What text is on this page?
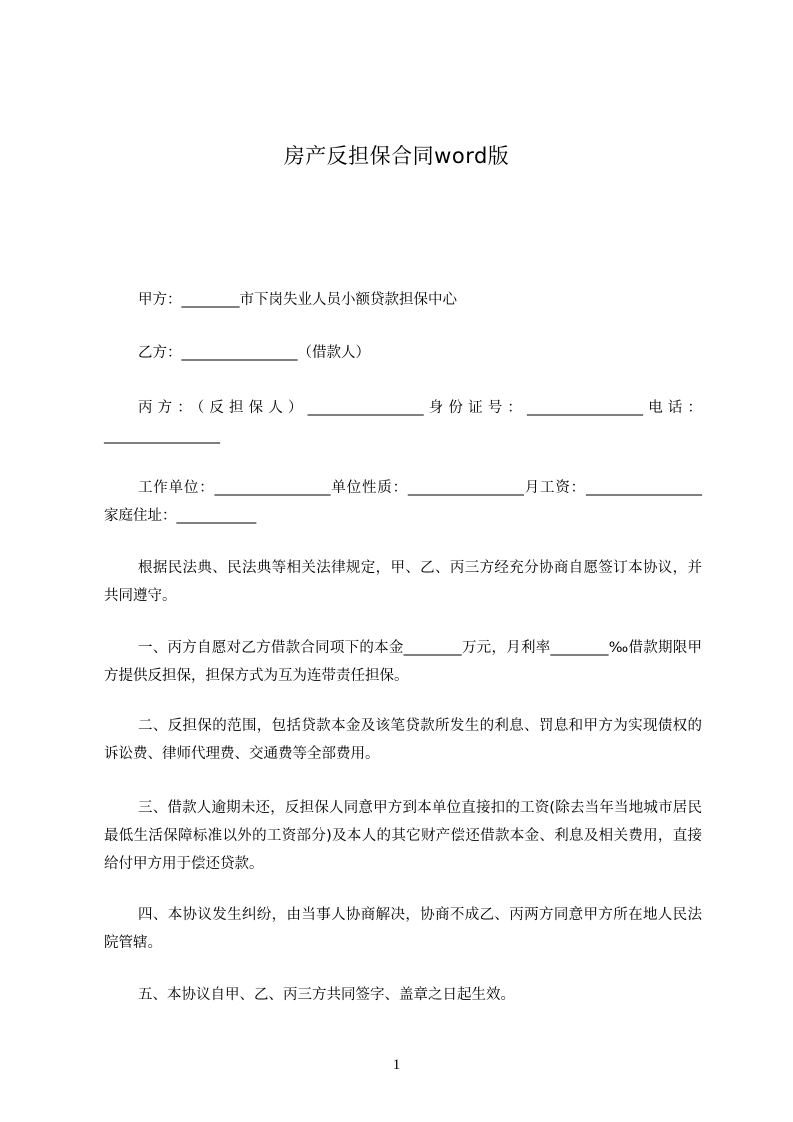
房产反担保合同word版

甲方：________市下岗失业人员小额贷款担保中心

乙方：________________（借款人）

丙方：（反担保人）________________身份证号：________________电话：________________

工作单位：________________单位性质：________________月工资：________________家庭住址：___________

根据民法典、民法典等相关法律规定，甲、乙、丙三方经充分协商自愿签订本协议，并共同遵守。

一、丙方自愿对乙方借款合同项下的本金________万元，月利率________‰借款期限甲方提供反担保，担保方式为互为连带责任担保。

二、反担保的范围，包括贷款本金及该笔贷款所发生的利息、罚息和甲方为实现债权的诉讼费、律师代理费、交通费等全部费用。

三、借款人逾期未还，反担保人同意甲方到本单位直接扣的工资(除去当年当地城市居民最低生活保障标准以外的工资部分)及本人的其它财产偿还借款本金、利息及相关费用，直接给付甲方用于偿还贷款。

四、本协议发生纠纷，由当事人协商解决，协商不成乙、丙两方同意甲方所在地人民法院管辖。

五、本协议自甲、乙、丙三方共同签字、盖章之日起生效。

1
